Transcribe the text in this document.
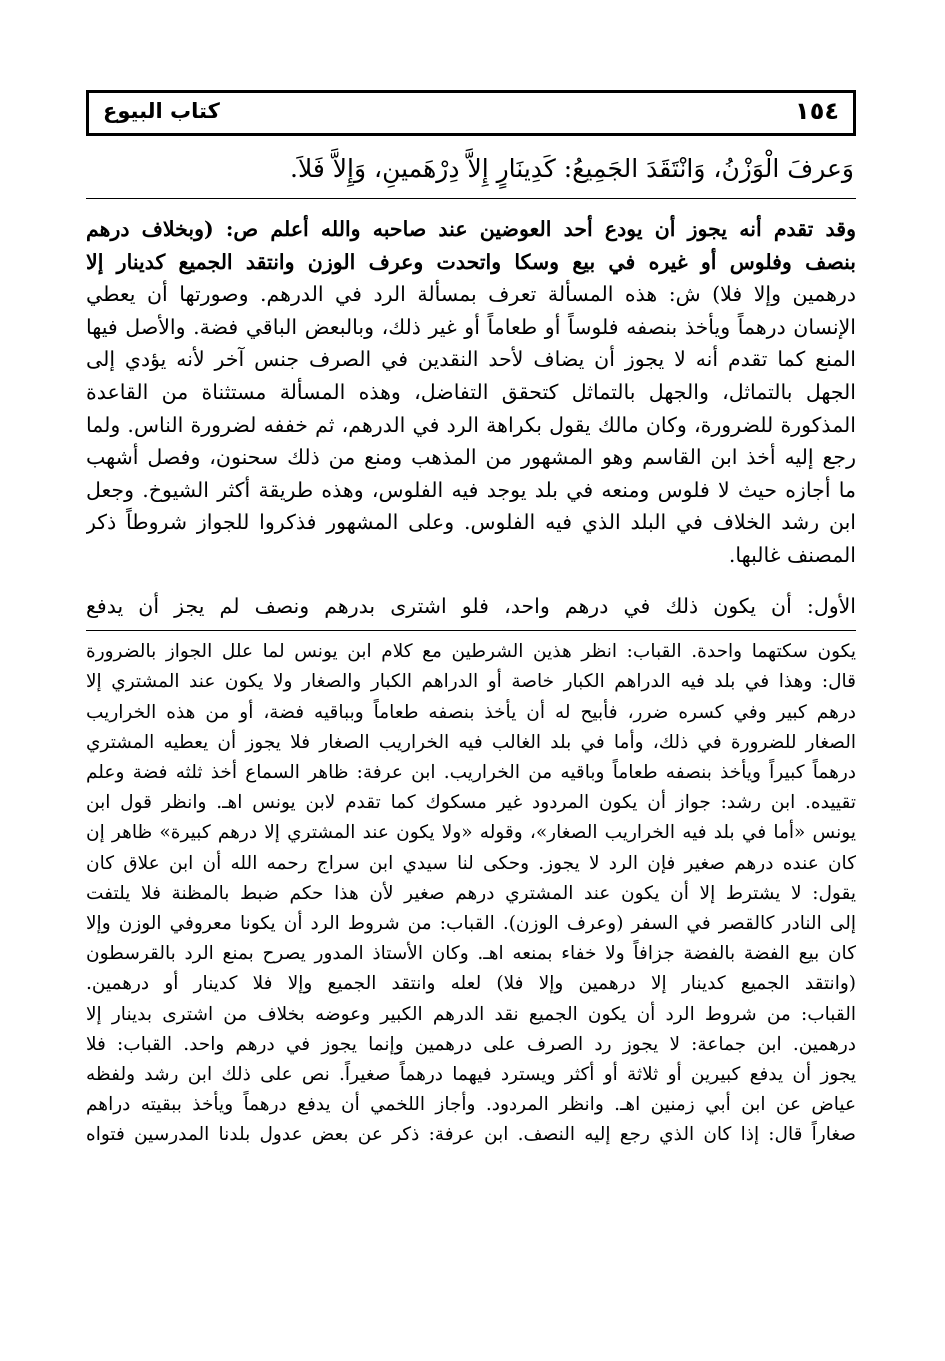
١٥٤
كتاب البيوع
وَعرفَ الْوَزْنُ، وَانْتَقَدَ الجَمِيعُ: كَدِينَارٍ إِلاَّ دِرْهَمينِ، وَإِلاَّ فَلاَ.
وقد تقدم أنه يجوز أن يودع أحد العوضين عند صاحبه والله أعلم ص: (وبخلاف درهم
بنصف وفلوس أو غيره في بيع وسكا واتحدت وعرف الوزن وانتقد الجميع كدينار إلا
درهمين وإلا فلا) ش: هذه المسألة تعرف بمسألة الرد في الدرهم. وصورتها أن يعطي
الإنسان درهماً ويأخذ بنصفه فلوساً أو طعاماً أو غير ذلك، وبالبعض الباقي فضة. والأصل فيها
المنع كما تقدم أنه لا يجوز أن يضاف لأحد النقدين في الصرف جنس آخر لأنه يؤدي إلى
الجهل بالتماثل، والجهل بالتماثل كتحقق التفاضل، وهذه المسألة مستثناة من القاعدة
المذكورة للضرورة، وكان مالك يقول بكراهة الرد في الدرهم، ثم خففه لضرورة الناس. ولما
رجع إليه أخذ ابن القاسم وهو المشهور من المذهب ومنع من ذلك سحنون، وفصل أشهب
ما أجازه حيث لا فلوس ومنعه في بلد يوجد فيه الفلوس، وهذه طريقة أكثر الشيوخ. وجعل
ابن رشد الخلاف في البلد الذي فيه الفلوس. وعلى المشهور فذكروا للجواز شروطاً ذكر
المصنف غالبها.
الأول: أن يكون ذلك في درهم واحد، فلو اشترى بدرهم ونصف لم يجز أن يدفع
يكون سكتهما واحدة. القباب: انظر هذين الشرطين مع كلام ابن يونس لما علل الجواز بالضرورة
قال: وهذا في بلد فيه الدراهم الكبار خاصة أو الدراهم الكبار والصغار ولا يكون عند المشتري إلا
درهم كبير وفي كسره ضرر، فأبيح له أن يأخذ بنصفه طعاماً وبباقيه فضة، أو من هذه الخراريب
الصغار للضرورة في ذلك، وأما في بلد الغالب فيه الخراريب الصغار فلا يجوز أن يعطيه المشتري
درهماً كبيراً ويأخذ بنصفه طعاماً وباقيه من الخراريب. ابن عرفة: ظاهر السماع أخذ ثلثه فضة وعلم
تقييده. ابن رشد: جواز أن يكون المردود غير مسكوك كما تقدم لابن يونس اهـ. وانظر قول ابن
يونس «أما في بلد فيه الخراريب الصغار»، وقوله «ولا يكون عند المشتري إلا درهم كبيرة» ظاهر إن
كان عنده درهم صغير فإن الرد لا يجوز. وحكى لنا سيدي ابن سراج رحمه الله أن ابن علاق كان
يقول: لا يشترط إلا أن يكون عند المشتري درهم صغير لأن هذا حكم ضبط بالمظنة فلا يلتفت
إلى النادر كالقصر في السفر (وعرف الوزن). القباب: من شروط الرد أن يكونا معروفي الوزن وإلا
كان بيع الفضة بالفضة جزافاً ولا خفاء بمنعه اهـ. وكان الأستاذ المدور يصرح بمنع الرد بالقرسطون
(وانتقد الجميع كدينار إلا درهمين وإلا فلا) لعله وانتقد الجميع وإلا فلا كدينار أو درهمين.
القباب: من شروط الرد أن يكون الجميع نقد الدرهم الكبير وعوضه بخلاف من اشترى بدينار إلا
درهمين. ابن جماعة: لا يجوز رد الصرف على درهمين وإنما يجوز في درهم واحد. القباب: فلا
يجوز أن يدفع كبيرين أو ثلاثة أو أكثر ويسترد فيهما درهماً صغيراً. نص على ذلك ابن رشد ولفظه
عياض عن ابن أبي زمنين اهـ. وانظر المردود. وأجاز اللخمي أن يدفع درهماً ويأخذ ببقيته دراهم
صغاراً قال: إذا كان الذي رجع إليه النصف. ابن عرفة: ذكر عن بعض عدول بلدنا المدرسين فتواه
